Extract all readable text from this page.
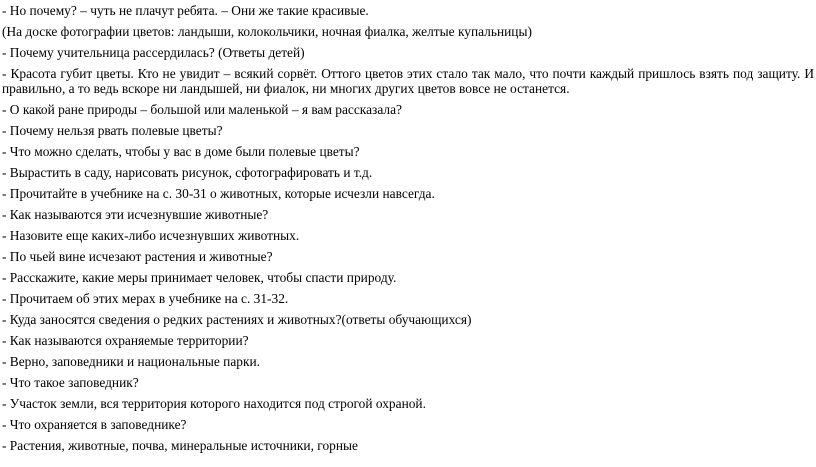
- Но почему? – чуть не плачут ребята. – Они же такие красивые.
(На доске фотографии цветов: ландыши, колокольчики, ночная фиалка, желтые купальницы)
- Почему учительница рассердилась? (Ответы детей)
- Красота губит цветы. Кто не увидит – всякий сорвёт. Оттого цветов этих стало так мало, что почти каждый пришлось взять под защиту. И правильно, а то ведь вскоре ни ландышей, ни фиалок, ни многих других цветов вовсе не останется.
- О какой ране природы – большой или маленькой – я вам рассказала?
- Почему нельзя рвать полевые цветы?
- Что можно сделать, чтобы у вас в доме были полевые цветы?
- Вырастить в саду, нарисовать рисунок, сфотографировать и т.д.
- Прочитайте в учебнике на с. 30-31 о животных, которые исчезли навсегда.
- Как называются эти исчезнувшие животные?
- Назовите еще каких-либо исчезнувших животных.
- По чьей вине исчезают растения и животные?
- Расскажите, какие меры принимает человек, чтобы спасти природу.
- Прочитаем об этих мерах в учебнике на с. 31-32.
- Куда заносятся сведения о редких растениях и животных?(ответы обучающихся)
- Как называются охраняемые территории?
- Верно, заповедники и национальные парки.
- Что такое заповедник?
- Участок земли, вся территория которого находится под строгой охраной.
- Что охраняется в заповеднике?
- Растения, животные, почва, минеральные источники, горные
